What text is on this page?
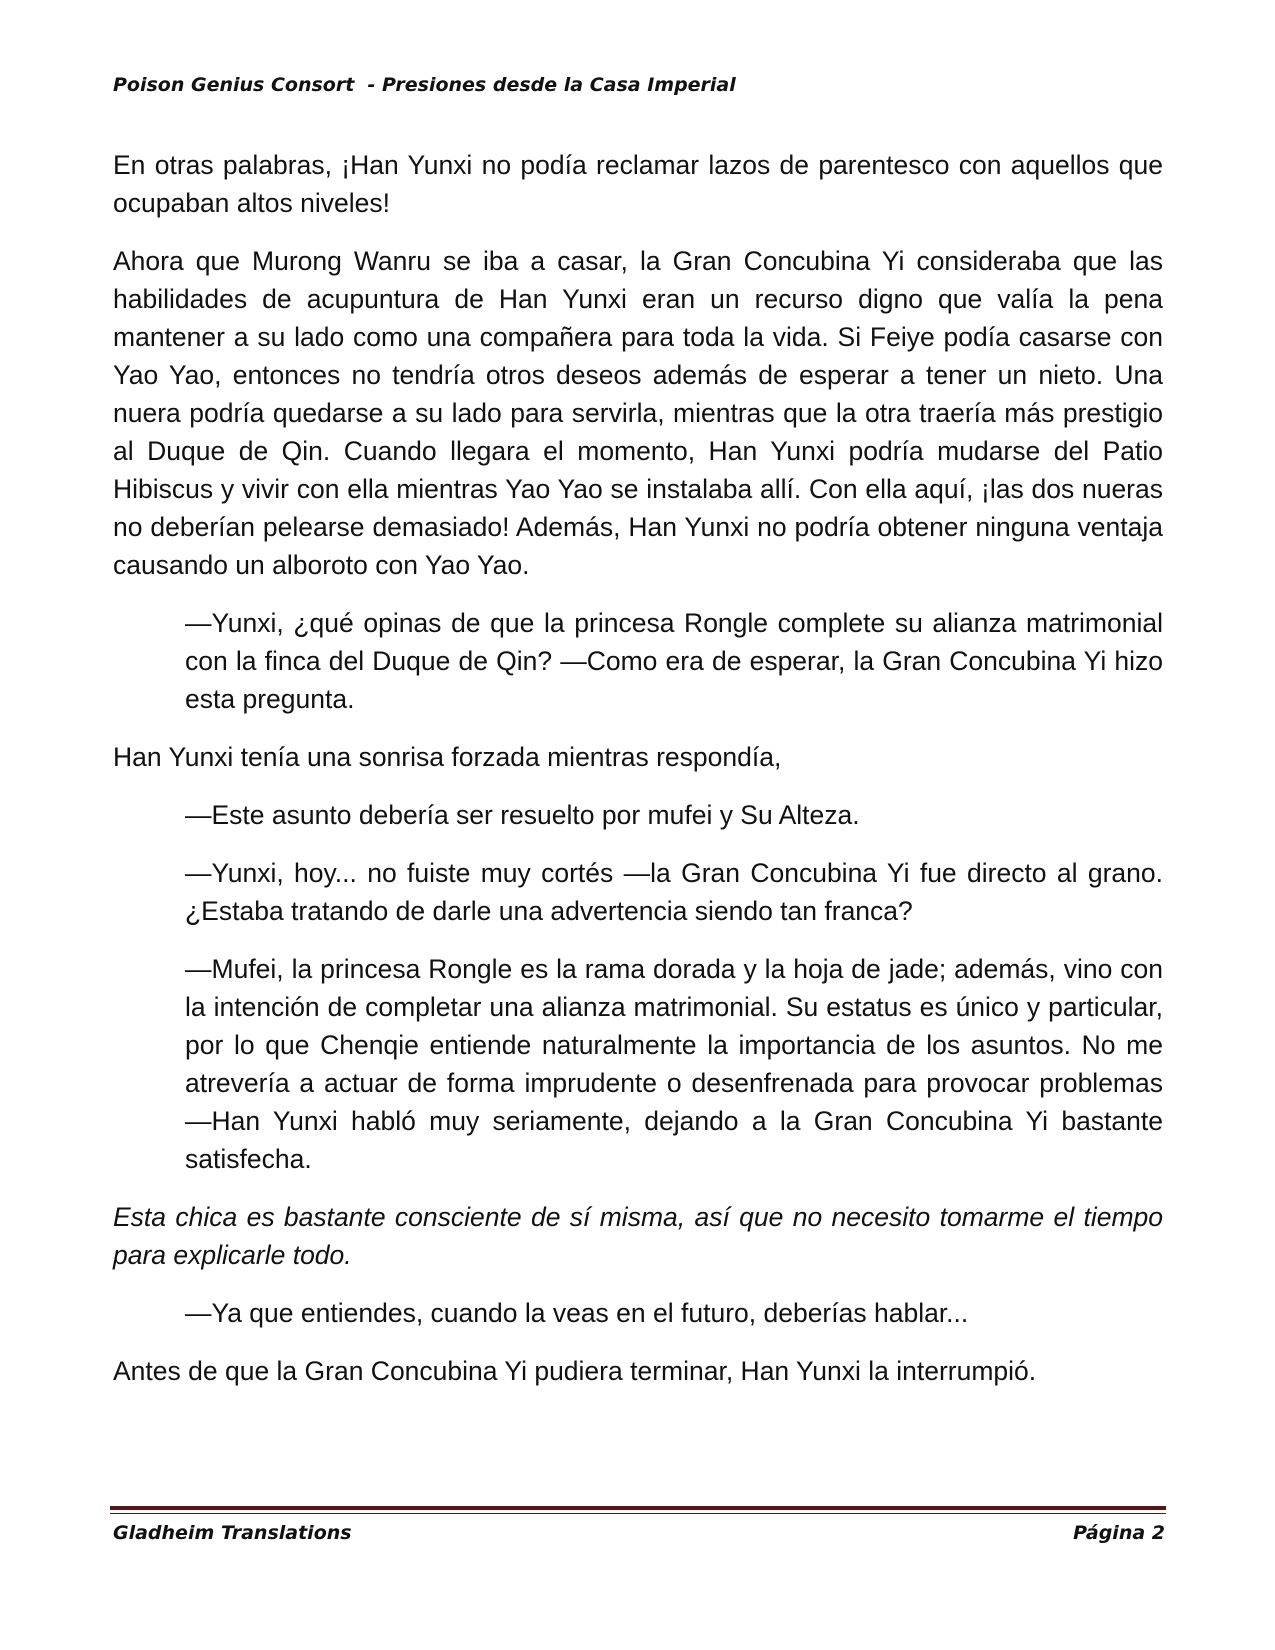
Poison Genius Consort  - Presiones desde la Casa Imperial

En otras palabras, ¡Han Yunxi no podía reclamar lazos de parentesco con aquellos que ocupaban altos niveles!

Ahora que Murong Wanru se iba a casar, la Gran Concubina Yi consideraba que las habilidades de acupuntura de Han Yunxi eran un recurso digno que valía la pena mantener a su lado como una compañera para toda la vida. Si Feiye podía casarse con Yao Yao, entonces no tendría otros deseos además de esperar a tener un nieto. Una nuera podría quedarse a su lado para servirla, mientras que la otra traería más prestigio al Duque de Qin. Cuando llegara el momento, Han Yunxi podría mudarse del Patio Hibiscus y vivir con ella mientras Yao Yao se instalaba allí. Con ella aquí, ¡las dos nueras no deberían pelearse demasiado! Además, Han Yunxi no podría obtener ninguna ventaja causando un alboroto con Yao Yao.

—Yunxi, ¿qué opinas de que la princesa Rongle complete su alianza matrimonial con la finca del Duque de Qin? —Como era de esperar, la Gran Concubina Yi hizo esta pregunta.

Han Yunxi tenía una sonrisa forzada mientras respondía,

—Este asunto debería ser resuelto por mufei y Su Alteza.

—Yunxi, hoy... no fuiste muy cortés —la Gran Concubina Yi fue directo al grano. ¿Estaba tratando de darle una advertencia siendo tan franca?

—Mufei, la princesa Rongle es la rama dorada y la hoja de jade; además, vino con la intención de completar una alianza matrimonial. Su estatus es único y particular, por lo que Chenqie entiende naturalmente la importancia de los asuntos. No me atrevería a actuar de forma imprudente o desenfrenada para provocar problemas —Han Yunxi habló muy seriamente, dejando a la Gran Concubina Yi bastante satisfecha.

Esta chica es bastante consciente de sí misma, así que no necesito tomarme el tiempo para explicarle todo.

—Ya que entiendes, cuando la veas en el futuro, deberías hablar...

Antes de que la Gran Concubina Yi pudiera terminar, Han Yunxi la interrumpió.

Gladheim Translations	Página 2
